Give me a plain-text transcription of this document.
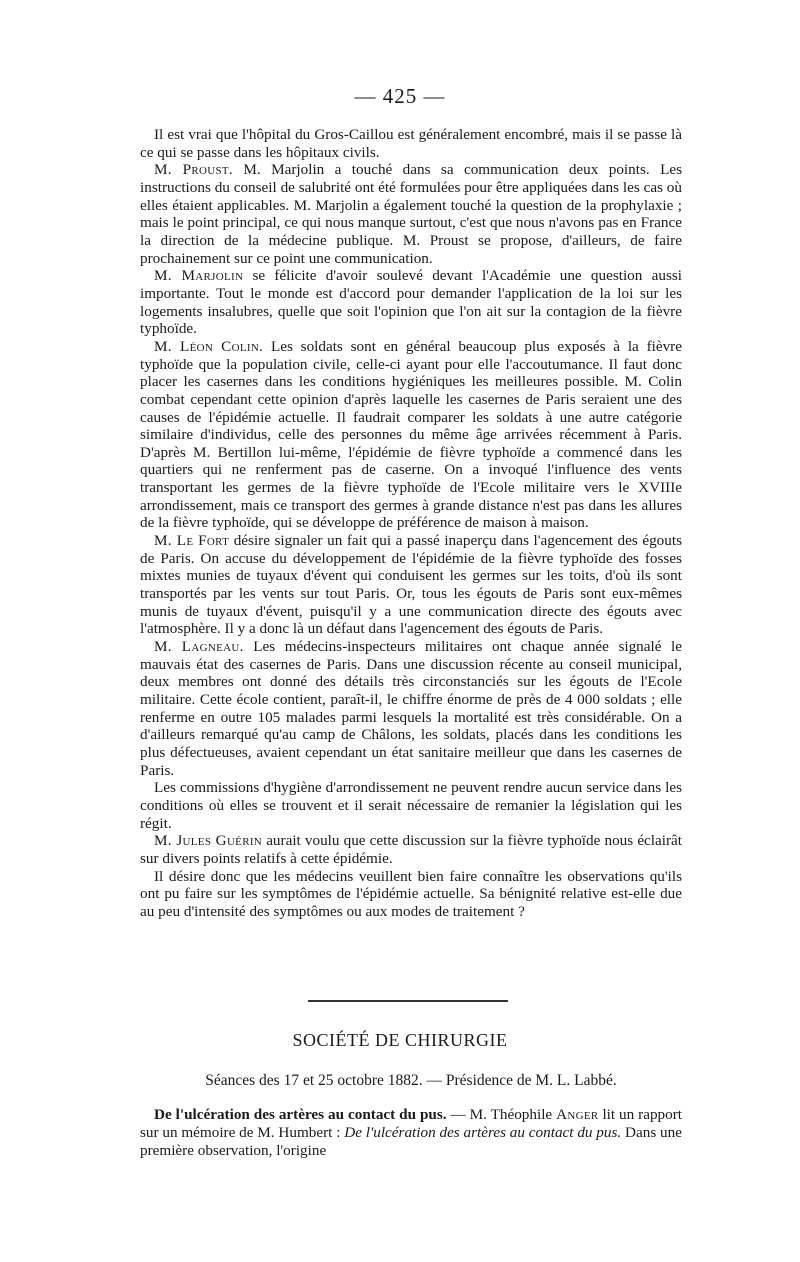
— 425 —

Il est vrai que l'hôpital du Gros-Caillou est généralement encombré, mais il se passe là ce qui se passe dans les hôpitaux civils.

M. Proust. M. Marjolin a touché dans sa communication deux points. Les instructions du conseil de salubrité ont été formulées pour être appliquées dans les cas où elles étaient applicables. M. Marjolin a également touché la question de la prophylaxie ; mais le point principal, ce qui nous manque surtout, c'est que nous n'avons pas en France la direction de la médecine publique. M. Proust se propose, d'ailleurs, de faire prochainement sur ce point une communication.

M. Marjolin se félicite d'avoir soulevé devant l'Académie une question aussi importante. Tout le monde est d'accord pour demander l'application de la loi sur les logements insalubres, quelle que soit l'opinion que l'on ait sur la contagion de la fièvre typhoïde.

M. Léon Colin. Les soldats sont en général beaucoup plus exposés à la fièvre typhoïde que la population civile, celle-ci ayant pour elle l'accoutumance. Il faut donc placer les casernes dans les conditions hygiéniques les meilleures possible. M. Colin combat cependant cette opinion d'après laquelle les casernes de Paris seraient une des causes de l'épidémie actuelle. Il faudrait comparer les soldats à une autre catégorie similaire d'individus, celle des personnes du même âge arrivées récemment à Paris. D'après M. Bertillon lui-même, l'épidémie de fièvre typhoïde a commencé dans les quartiers qui ne renferment pas de caserne. On a invoqué l'influence des vents transportant les germes de la fièvre typhoïde de l'Ecole militaire vers le XVIIIe arrondissement, mais ce transport des germes à grande distance n'est pas dans les allures de la fièvre typhoïde, qui se développe de préférence de maison à maison.

M. Le Fort désire signaler un fait qui a passé inaperçu dans l'agencement des égouts de Paris. On accuse du développement de l'épidémie de la fièvre typhoïde des fosses mixtes munies de tuyaux d'évent qui conduisent les germes sur les toits, d'où ils sont transportés par les vents sur tout Paris. Or, tous les égouts de Paris sont eux-mêmes munis de tuyaux d'évent, puisqu'il y a une communication directe des égouts avec l'atmosphère. Il y a donc là un défaut dans l'agencement des égouts de Paris.

M. Lagneau. Les médecins-inspecteurs militaires ont chaque année signalé le mauvais état des casernes de Paris. Dans une discussion récente au conseil municipal, deux membres ont donné des détails très circonstanciés sur les égouts de l'Ecole militaire. Cette école contient, paraît-il, le chiffre énorme de près de 4 000 soldats ; elle renferme en outre 105 malades parmi lesquels la mortalité est très considérable. On a d'ailleurs remarqué qu'au camp de Châlons, les soldats, placés dans les conditions les plus défectueuses, avaient cependant un état sanitaire meilleur que dans les casernes de Paris.

Les commissions d'hygiène d'arrondissement ne peuvent rendre aucun service dans les conditions où elles se trouvent et il serait nécessaire de remanier la législation qui les régit.

M. Jules Guérin aurait voulu que cette discussion sur la fièvre typhoïde nous éclairât sur divers points relatifs à cette épidémie.

Il désire donc que les médecins veuillent bien faire connaître les observations qu'ils ont pu faire sur les symptômes de l'épidémie actuelle. Sa bénignité relative est-elle due au peu d'intensité des symptômes ou aux modes de traitement ?

SOCIÉTÉ DE CHIRURGIE
Séances des 17 et 25 octobre 1882. — Présidence de M. L. Labbé.

De l'ulcération des artères au contact du pus. — M. Théophile Anger lit un rapport sur un mémoire de M. Humbert : De l'ulcération des artères au contact du pus. Dans une première observation, l'origine
